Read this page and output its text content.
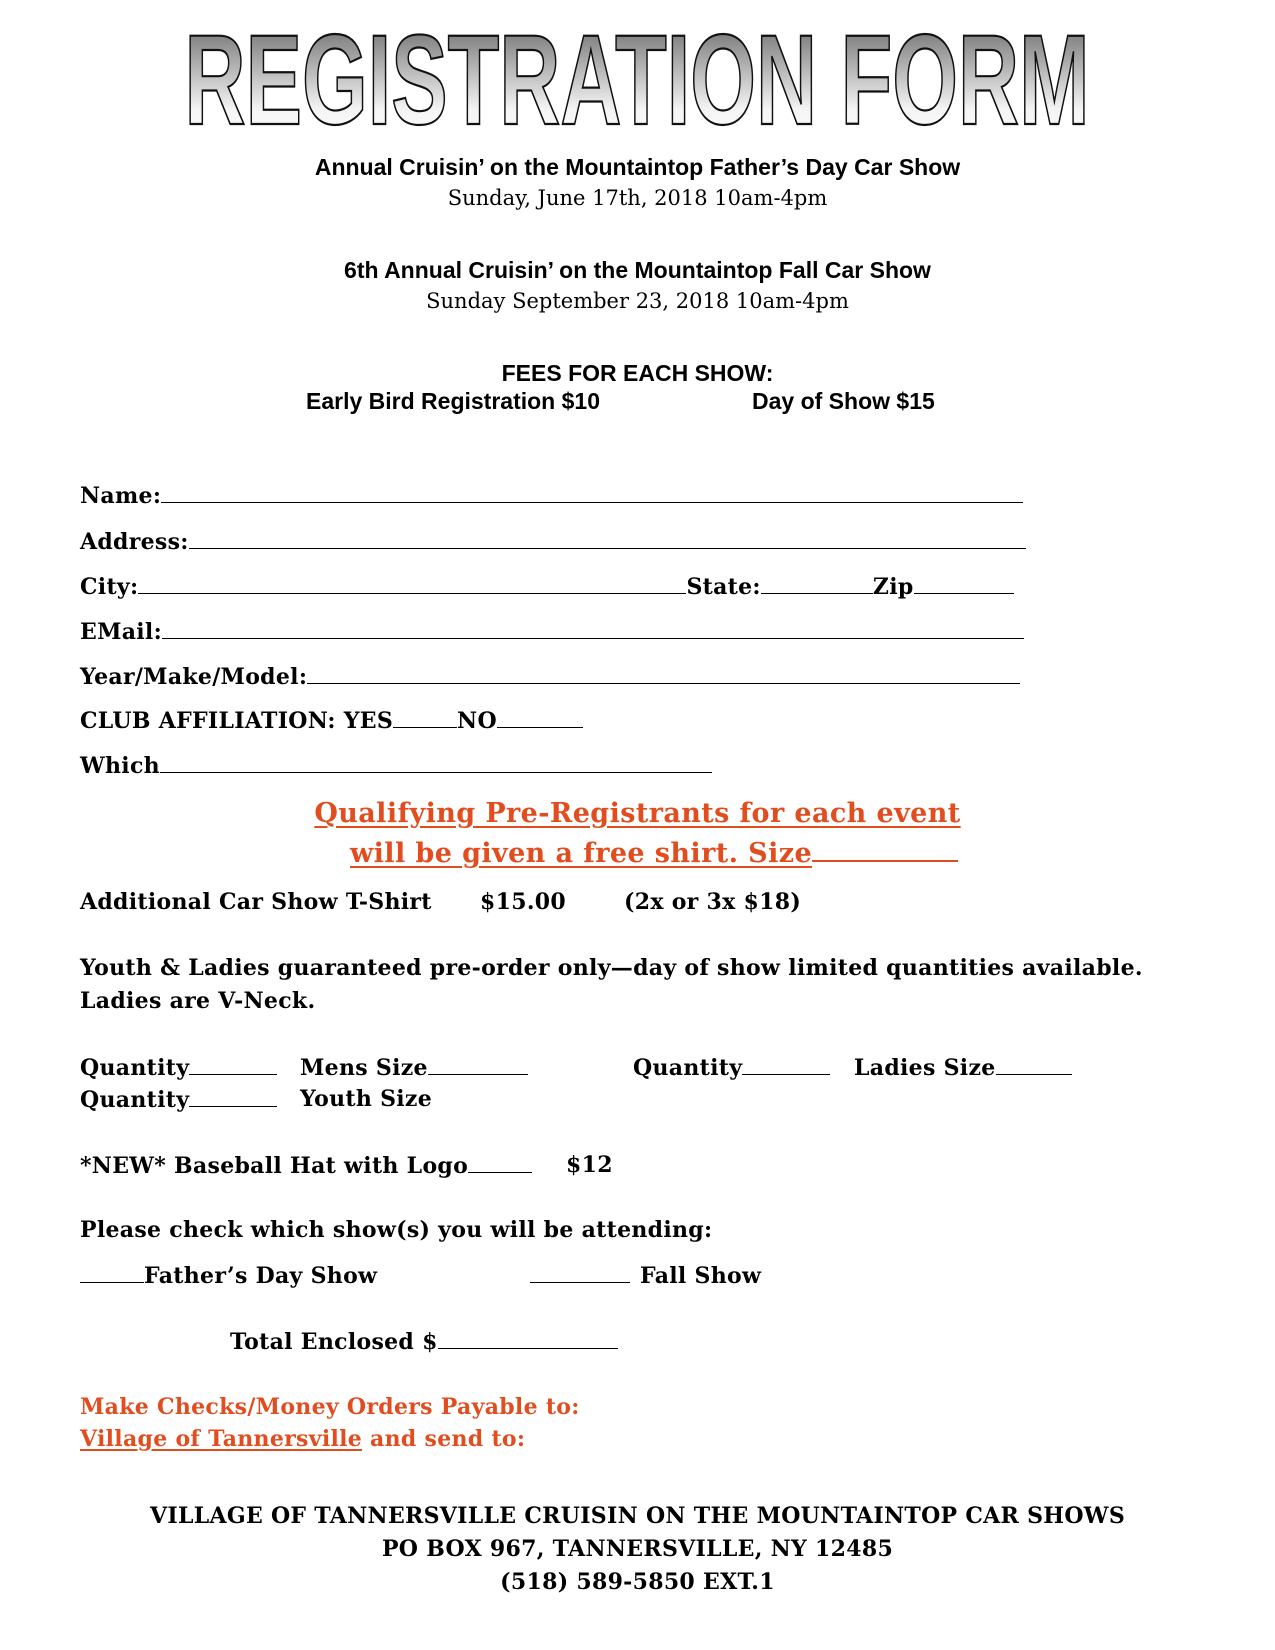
REGISTRATION FORM
Annual Cruisin’ on the Mountaintop Father’s Day Car Show
Sunday, June 17th, 2018 10am-4pm
6th Annual Cruisin’ on the Mountaintop Fall Car Show
Sunday September 23, 2018 10am-4pm
FEES FOR EACH SHOW:
Early Bird Registration $10	Day of Show $15
Name:
Address:
City:	State:	Zip
EMail:
Year/Make/Model:
CLUB AFFILIATION: YES	NO
Which
Qualifying Pre-Registrants for each event
will be given a free shirt. Size
Additional Car Show T-Shirt $15.00	(2x or 3x $18)
Youth & Ladies guaranteed pre-order only—day of show limited quantities available.
Ladies are V-Neck.
Quantity	Mens Size	Quantity	Ladies Size
Quantity	Youth Size
*NEW* Baseball Hat with Logo	$12
Please check which show(s) you will be attending:
Father’s Day Show	Fall Show
Total Enclosed $
Make Checks/Money Orders Payable to:
Village of Tannersville and send to:
VILLAGE OF TANNERSVILLE CRUISIN ON THE MOUNTAINTOP CAR SHOWS
PO BOX 967, TANNERSVILLE, NY 12485
(518) 589-5850 EXT.1
